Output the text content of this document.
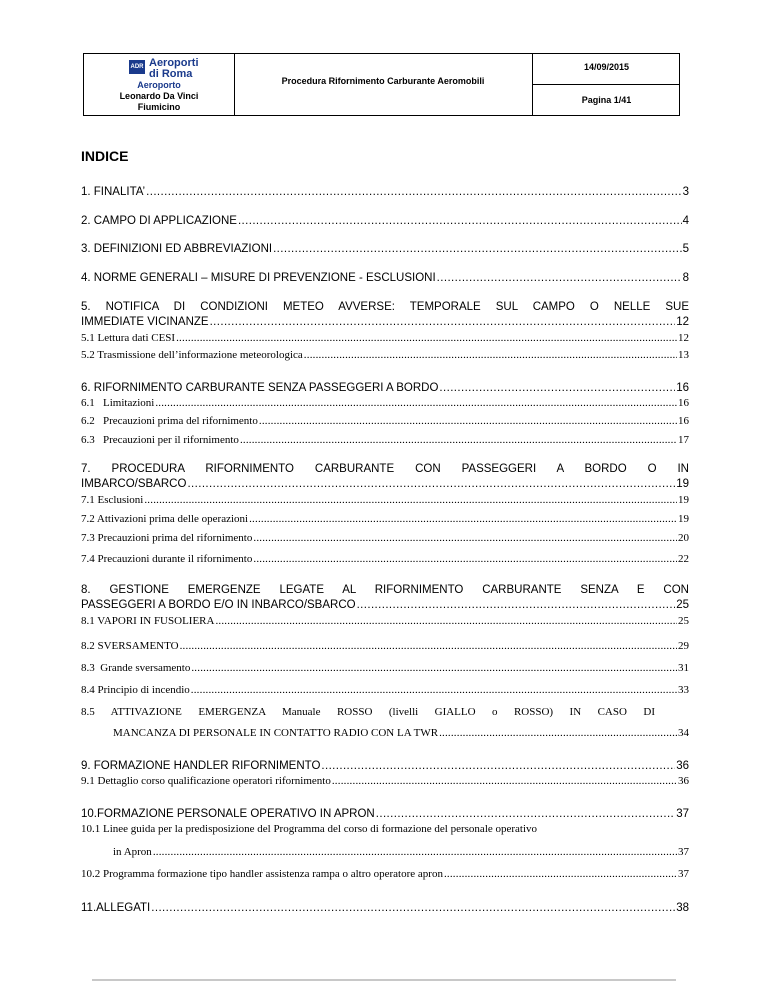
ADR Aeroporti
di Roma
Aeroporto
Leonardo Da Vinci
Fiumicino
Procedura Rifornimento Carburante Aeromobili
14/09/2015
Pagina 1/41
INDICE
1. FINALITA’ .....	3
2. CAMPO DI APPLICAZIONE .....	4
3. DEFINIZIONI ED ABBREVIAZIONI .....	5
4. NORME GENERALI – MISURE DI PREVENZIONE - ESCLUSIONI .....	8
5. NOTIFICA DI CONDIZIONI METEO AVVERSE: TEMPORALE SUL CAMPO O NELLE SUE
IMMEDIATE VICINANZE .....	12
5.1 Lettura dati CESI .....	12
5.2 Trasmissione dell’informazione meteorologica .....	13
6. RIFORNIMENTO CARBURANTE SENZA PASSEGGERI A BORDO .....	16
6.1   Limitazioni .....	16
6.2   Precauzioni prima del rifornimento .....	16
6.3   Precauzioni per il rifornimento .....	17
7. PROCEDURA RIFORNIMENTO CARBURANTE CON PASSEGGERI A BORDO O IN
IMBARCO/SBARCO .....	19
7.1 Esclusioni .....	19
7.2 Attivazioni prima delle operazioni .....	19
7.3 Precauzioni prima del rifornimento .....	20
7.4 Precauzioni durante il rifornimento .....	22
8. GESTIONE EMERGENZE LEGATE AL RIFORNIMENTO CARBURANTE SENZA E CON
PASSEGGERI A BORDO E/O IN INBARCO/SBARCO .....	25
8.1 VAPORI IN FUSOLIERA .....	25
8.2 SVERSAMENTO .....	29
8.3  Grande sversamento .....	31
8.4 Principio di incendio .....	33
8.5 ATTIVAZIONE EMERGENZA Manuale ROSSO (livelli GIALLO o ROSSO) IN CASO DI
MANCANZA DI PERSONALE IN CONTATTO RADIO CON LA TWR .....	34
9. FORMAZIONE HANDLER RIFORNIMENTO .....	36
9.1 Dettaglio corso qualificazione operatori rifornimento .....	36
10.FORMAZIONE PERSONALE OPERATIVO IN APRON .....	37
10.1 Linee guida per la predisposizione del Programma del corso di formazione del personale operativo
in Apron .....	37
10.2 Programma formazione tipo handler assistenza rampa o altro operatore apron .....	37
11.ALLEGATI .....	38
